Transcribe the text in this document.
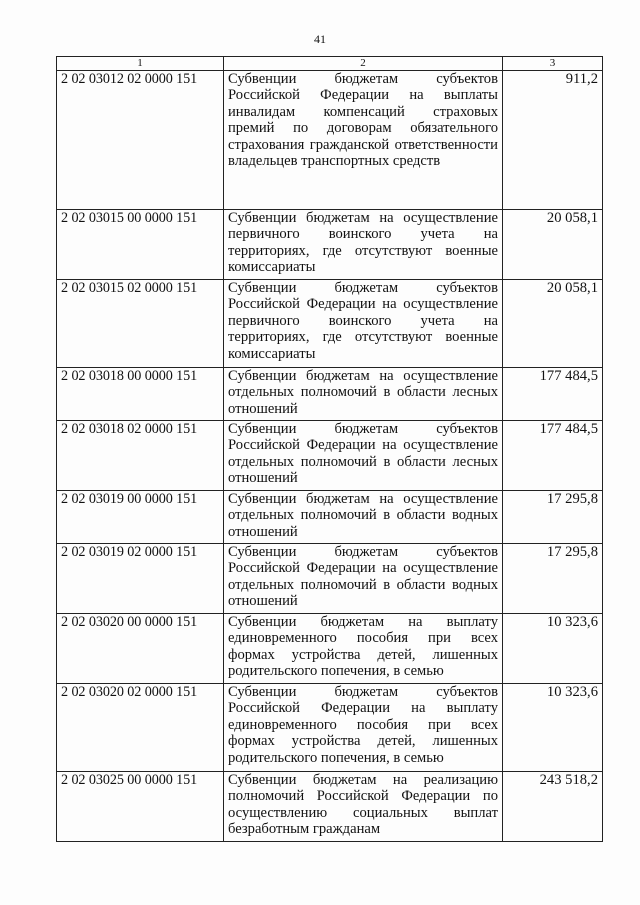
41
1	2	3
2 02 03012 02 0000 151	Субвенции бюджетам субъектов Российской Федерации на выплаты инвалидам компенсаций страховых премий по договорам обязательного страхования гражданской ответственности владельцев транспортных средств	911,2
2 02 03015 00 0000 151	Субвенции бюджетам на осуществление первичного воинского учета на территориях, где отсутствуют военные комиссариаты	20 058,1
2 02 03015 02 0000 151	Субвенции бюджетам субъектов Российской Федерации на осуществление первичного воинского учета на территориях, где отсутствуют военные комиссариаты	20 058,1
2 02 03018 00 0000 151	Субвенции бюджетам на осуществление отдельных полномочий в области лесных отношений	177 484,5
2 02 03018 02 0000 151	Субвенции бюджетам субъектов Российской Федерации на осуществление отдельных полномочий в области лесных отношений	177 484,5
2 02 03019 00 0000 151	Субвенции бюджетам на осуществление отдельных полномочий в области водных отношений	17 295,8
2 02 03019 02 0000 151	Субвенции бюджетам субъектов Российской Федерации на осуществление отдельных полномочий в области водных отношений	17 295,8
2 02 03020 00 0000 151	Субвенции бюджетам на выплату единовременного пособия при всех формах устройства детей, лишенных родительского попечения, в семью	10 323,6
2 02 03020 02 0000 151	Субвенции бюджетам субъектов Российской Федерации на выплату единовременного пособия при всех формах устройства детей, лишенных родительского попечения, в семью	10 323,6
2 02 03025 00 0000 151	Субвенции бюджетам на реализацию полномочий Российской Федерации по осуществлению социальных выплат безработным гражданам	243 518,2
